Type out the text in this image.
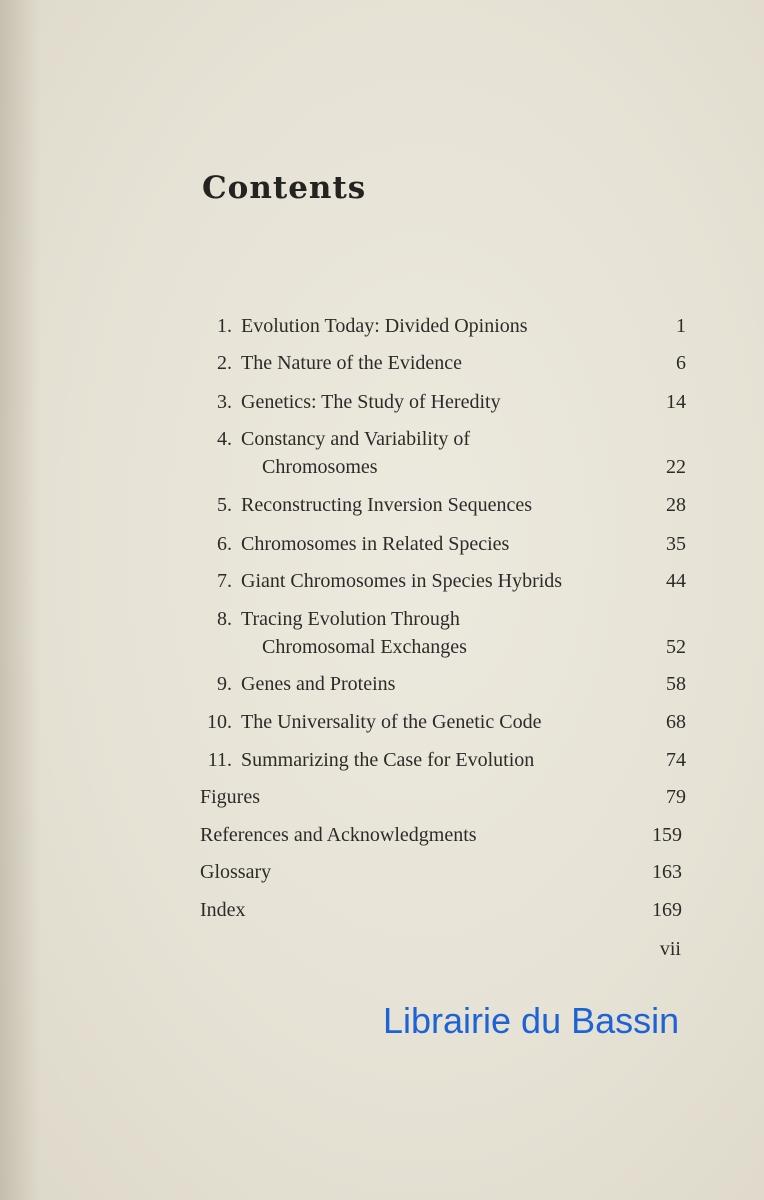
Contents
1. Evolution Today: Divided Opinions	1
2. The Nature of the Evidence	6
3. Genetics: The Study of Heredity	14
4. Constancy and Variability of
Chromosomes	22
5. Reconstructing Inversion Sequences	28
6. Chromosomes in Related Species	35
7. Giant Chromosomes in Species Hybrids	44
8. Tracing Evolution Through
Chromosomal Exchanges	52
9. Genes and Proteins	58
10. The Universality of the Genetic Code	68
11. Summarizing the Case for Evolution	74
Figures	79
References and Acknowledgments	159
Glossary	163
Index	169
vii
Librairie du Bassin
